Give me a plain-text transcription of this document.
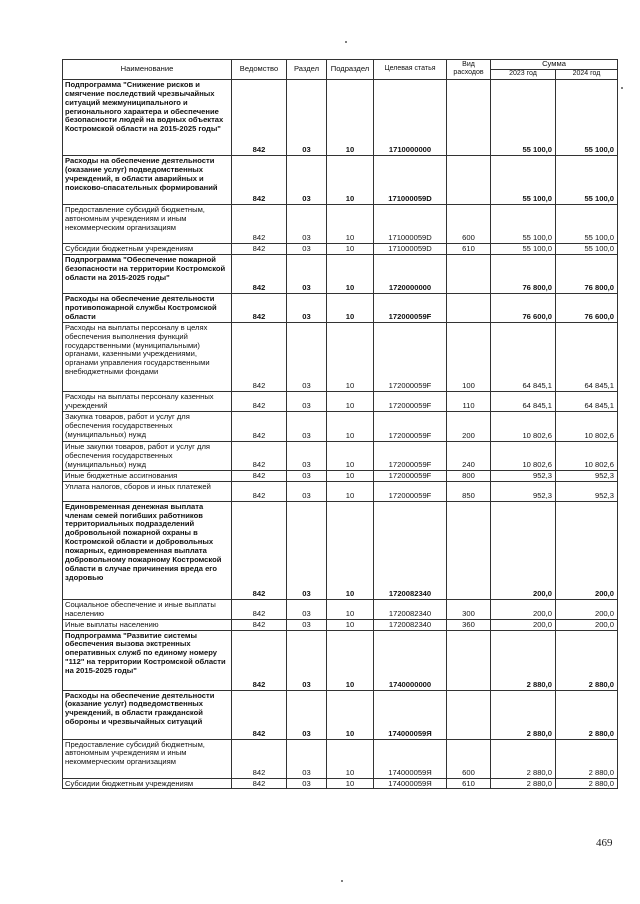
Наименование	Ведомство	Раздел	Подраздел	Целевая статья	Вид расходов	Сумма	
						2023 год	2024 год
Подпрограмма "Снижение рисков и смягчение последствий чрезвычайных ситуаций межмуниципального и регионального характера и обеспечение безопасности людей на водных объектах Костромской области на 2015-2025 годы"	842	03	10	1710000000		55 100,0	55 100,0
Расходы на обеспечение деятельности (оказание услуг) подведомственных учреждений, в области аварийных и поисково-спасательных формирований	842	03	10	171000059D		55 100,0	55 100,0
Предоставление субсидий бюджетным, автономным учреждениям и иным некоммерческим организациям	842	03	10	171000059D	600	55 100,0	55 100,0
Субсидии бюджетным учреждениям	842	03	10	171000059D	610	55 100,0	55 100,0
Подпрограмма "Обеспечение пожарной безопасности на территории Костромской области на 2015-2025 годы"	842	03	10	1720000000		76 800,0	76 800,0
Расходы на обеспечение деятельности противопожарной службы Костромской области	842	03	10	172000059F		76 600,0	76 600,0
Расходы на выплаты персоналу в целях обеспечения выполнения функций государственными (муниципальными) органами, казенными учреждениями, органами управления государственными внебюджетными фондами	842	03	10	172000059F	100	64 845,1	64 845,1
Расходы на выплаты персоналу казенных учреждений	842	03	10	172000059F	110	64 845,1	64 845,1
Закупка товаров, работ и услуг для обеспечения государственных (муниципальных) нужд	842	03	10	172000059F	200	10 802,6	10 802,6
Иные закупки товаров, работ и услуг для обеспечения государственных (муниципальных) нужд	842	03	10	172000059F	240	10 802,6	10 802,6
Иные бюджетные ассигнования	842	03	10	172000059F	800	952,3	952,3
Уплата налогов, сборов и иных платежей	842	03	10	172000059F	850	952,3	952,3
Единовременная денежная выплата членам семей погибших работников территориальных подразделений добровольной пожарной охраны в Костромской области и добровольных пожарных, единовременная выплата добровольному пожарному Костромской области в случае причинения вреда его здоровью	842	03	10	1720082340		200,0	200,0
Социальное обеспечение и иные выплаты населению	842	03	10	1720082340	300	200,0	200,0
Иные выплаты населению	842	03	10	1720082340	360	200,0	200,0
Подпрограмма "Развитие системы обеспечения вызова экстренных оперативных служб по единому номеру "112" на территории Костромской области на 2015-2025 годы"	842	03	10	1740000000		2 880,0	2 880,0
Расходы на обеспечение деятельности (оказание услуг) подведомственных учреждений, в области гражданской обороны и чрезвычайных ситуаций	842	03	10	174000059Я		2 880,0	2 880,0
Предоставление субсидий бюджетным, автономным учреждениям и иным некоммерческим организациям	842	03	10	174000059Я	600	2 880,0	2 880,0
Субсидии бюджетным учреждениям	842	03	10	174000059Я	610	2 880,0	2 880,0
469
